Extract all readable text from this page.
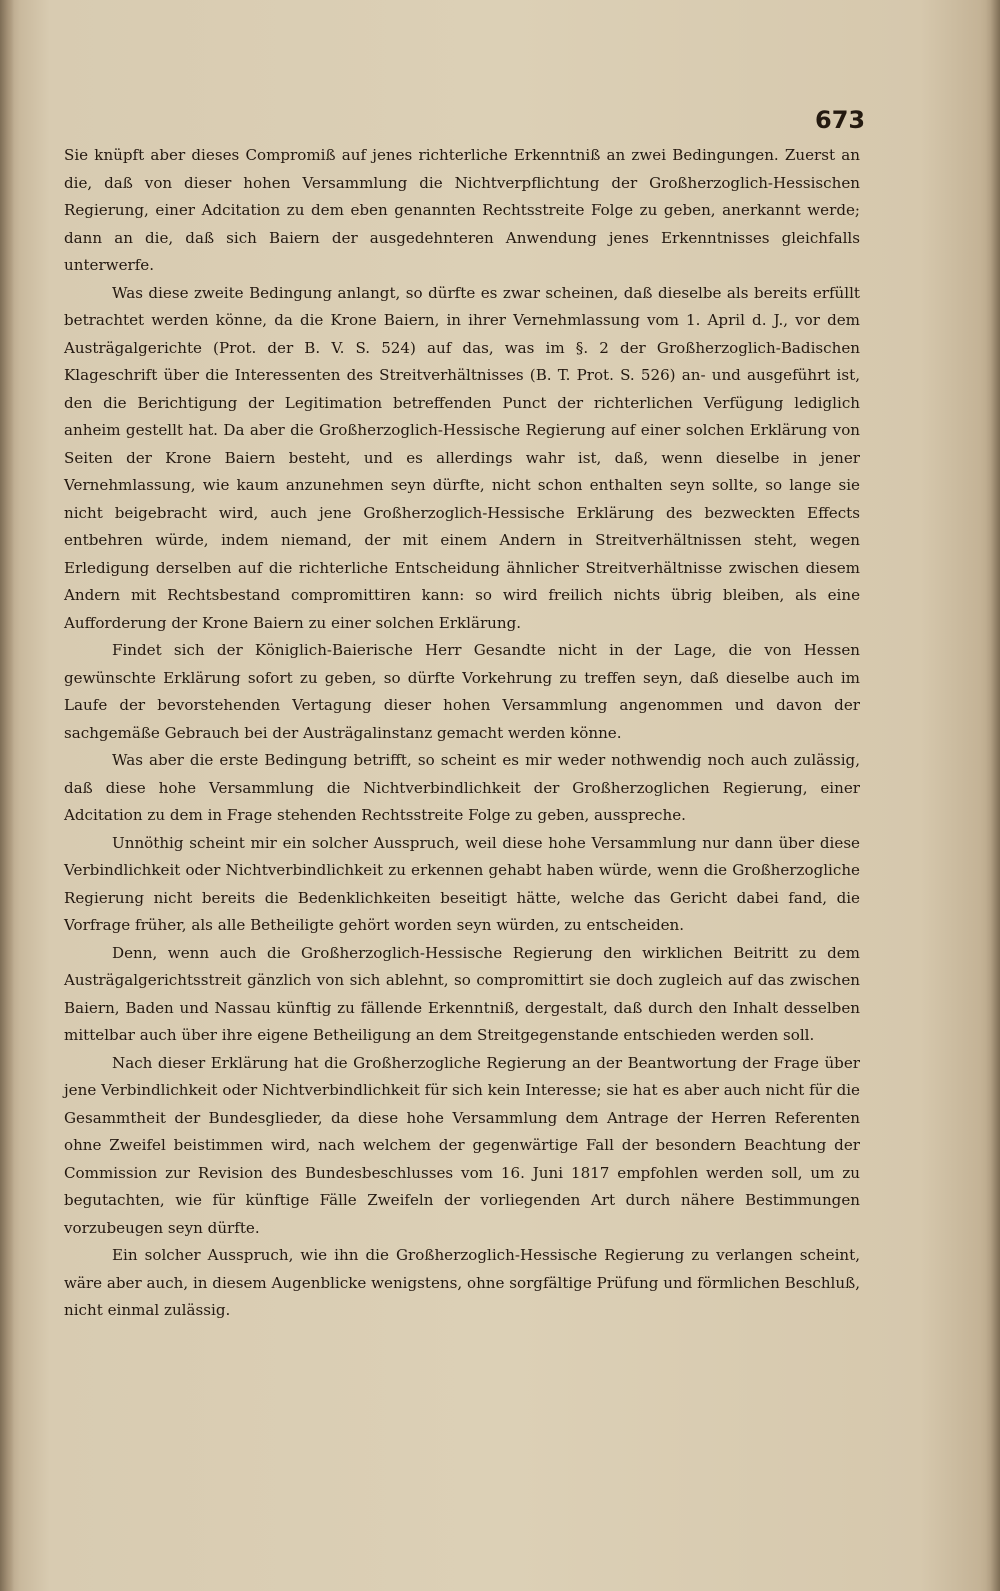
673

Sie knüpft aber dieses Compromiß auf jenes richterliche Erkenntniß an zwei Bedingungen. Zuerst an die, daß von dieser hohen Versammlung die Nichtverpflichtung der Großherzoglich-Hessischen Regierung, einer Adcitation zu dem eben genannten Rechtsstreite Folge zu geben, anerkannt werde; dann an die, daß sich Baiern der ausgedehnteren Anwendung jenes Erkenntnisses gleichfalls unterwerfe.

Was diese zweite Bedingung anlangt, so dürfte es zwar scheinen, daß dieselbe als bereits erfüllt betrachtet werden könne, da die Krone Baiern, in ihrer Vernehmlassung vom 1. April d. J., vor dem Austrägalgerichte (Prot. der B. V. S. 524) auf das, was im §. 2 der Großherzoglich-Badischen Klageschrift über die Interessenten des Streitverhältnisses (B. T. Prot. S. 526) an- und ausgeführt ist, den die Berichtigung der Legitimation betreffenden Punct der richterlichen Verfügung lediglich anheim gestellt hat. Da aber die Großherzoglich-Hessische Regierung auf einer solchen Erklärung von Seiten der Krone Baiern besteht, und es allerdings wahr ist, daß, wenn dieselbe in jener Vernehmlassung, wie kaum anzunehmen seyn dürfte, nicht schon enthalten seyn sollte, so lange sie nicht beigebracht wird, auch jene Großherzoglich-Hessische Erklärung des bezweckten Effects entbehren würde, indem niemand, der mit einem Andern in Streitverhältnissen steht, wegen Erledigung derselben auf die richterliche Entscheidung ähnlicher Streitverhältnisse zwischen diesem Andern mit Rechtsbestand compromittiren kann: so wird freilich nichts übrig bleiben, als eine Aufforderung der Krone Baiern zu einer solchen Erklärung.

Findet sich der Königlich-Baierische Herr Gesandte nicht in der Lage, die von Hessen gewünschte Erklärung sofort zu geben, so dürfte Vorkehrung zu treffen seyn, daß dieselbe auch im Laufe der bevorstehenden Vertagung dieser hohen Versammlung angenommen und davon der sachgemäße Gebrauch bei der Austrägalinstanz gemacht werden könne.

Was aber die erste Bedingung betrifft, so scheint es mir weder nothwendig noch auch zulässig, daß diese hohe Versammlung die Nichtverbindlichkeit der Großherzoglichen Regierung, einer Adcitation zu dem in Frage stehenden Rechtsstreite Folge zu geben, ausspreche.

Unnöthig scheint mir ein solcher Ausspruch, weil diese hohe Versammlung nur dann über diese Verbindlichkeit oder Nichtverbindlichkeit zu erkennen gehabt haben würde, wenn die Großherzogliche Regierung nicht bereits die Bedenklichkeiten beseitigt hätte, welche das Gericht dabei fand, die Vorfrage früher, als alle Betheiligte gehört worden seyn würden, zu entscheiden.

Denn, wenn auch die Großherzoglich-Hessische Regierung den wirklichen Beitritt zu dem Austrägalgerichtsstreit gänzlich von sich ablehnt, so compromittirt sie doch zugleich auf das zwischen Baiern, Baden und Nassau künftig zu fällende Erkenntniß, dergestalt, daß durch den Inhalt desselben mittelbar auch über ihre eigene Betheiligung an dem Streitgegenstande entschieden werden soll.

Nach dieser Erklärung hat die Großherzogliche Regierung an der Beantwortung der Frage über jene Verbindlichkeit oder Nichtverbindlichkeit für sich kein Interesse; sie hat es aber auch nicht für die Gesammtheit der Bundesglieder, da diese hohe Versammlung dem Antrage der Herren Referenten ohne Zweifel beistimmen wird, nach welchem der gegenwärtige Fall der besondern Beachtung der Commission zur Revision des Bundesbeschlusses vom 16. Juni 1817 empfohlen werden soll, um zu begutachten, wie für künftige Fälle Zweifeln der vorliegenden Art durch nähere Bestimmungen vorzubeugen seyn dürfte.

Ein solcher Ausspruch, wie ihn die Großherzoglich-Hessische Regierung zu verlangen scheint, wäre aber auch, in diesem Augenblicke wenigstens, ohne sorgfältige Prüfung und förmlichen Beschluß, nicht einmal zulässig.
